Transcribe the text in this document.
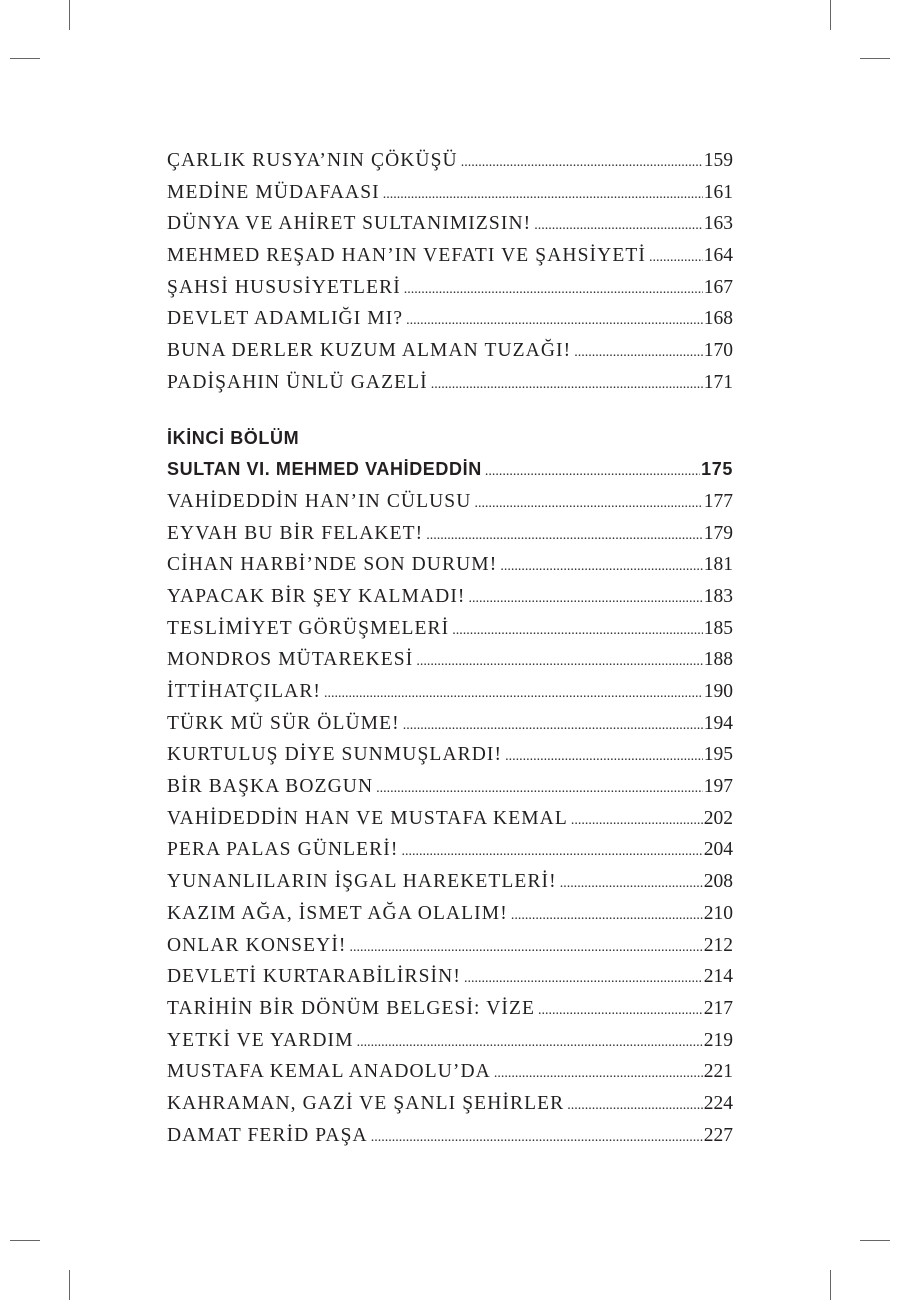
ÇARLIK RUSYA’NIN ÇÖKÜŞÜ .....	159
MEDİNE MÜDAFAASI .....	161
DÜNYA VE AHİRET SULTANIMIZSIN! .....	163
MEHMED REŞAD HAN’IN VEFATI VE ŞAHSİYETİ .....	164
ŞAHSİ HUSUSİYETLERİ .....	167
DEVLET ADAMLIĞI MI? .....	168
BUNA DERLER KUZUM ALMAN TUZAĞI! .....	170
PADİŞAHIN ÜNLÜ GAZELİ .....	171
İKİNCİ BÖLÜM
SULTAN VI. MEHMED VAHİDEDDİN .....	175
VAHİDEDDİN HAN’IN CÜLUSU .....	177
EYVAH BU BİR FELAKET! .....	179
CİHAN HARBİ’NDE SON DURUM! .....	181
YAPACAK BİR ŞEY KALMADI! .....	183
TESLİMİYET GÖRÜŞMELERİ .....	185
MONDROS MÜTAREKESİ .....	188
İTTİHATÇILAR! .....	190
TÜRK MÜ SÜR ÖLÜME! .....	194
KURTULUŞ DİYE SUNMUŞLARDI! .....	195
BİR BAŞKA BOZGUN .....	197
VAHİDEDDİN HAN VE MUSTAFA KEMAL .....	202
PERA PALAS GÜNLERİ! .....	204
YUNANLILARIN İŞGAL HAREKETLERİ! .....	208
KAZIM AĞA, İSMET AĞA OLALIM! .....	210
ONLAR KONSEYİ! .....	212
DEVLETİ KURTARABİLİRSİN! .....	214
TARİHİN BİR DÖNÜM BELGESİ: VİZE .....	217
YETKİ VE YARDIM .....	219
MUSTAFA KEMAL ANADOLU’DA .....	221
KAHRAMAN, GAZİ VE ŞANLI ŞEHİRLER .....	224
DAMAT FERİD PAŞA .....	227
